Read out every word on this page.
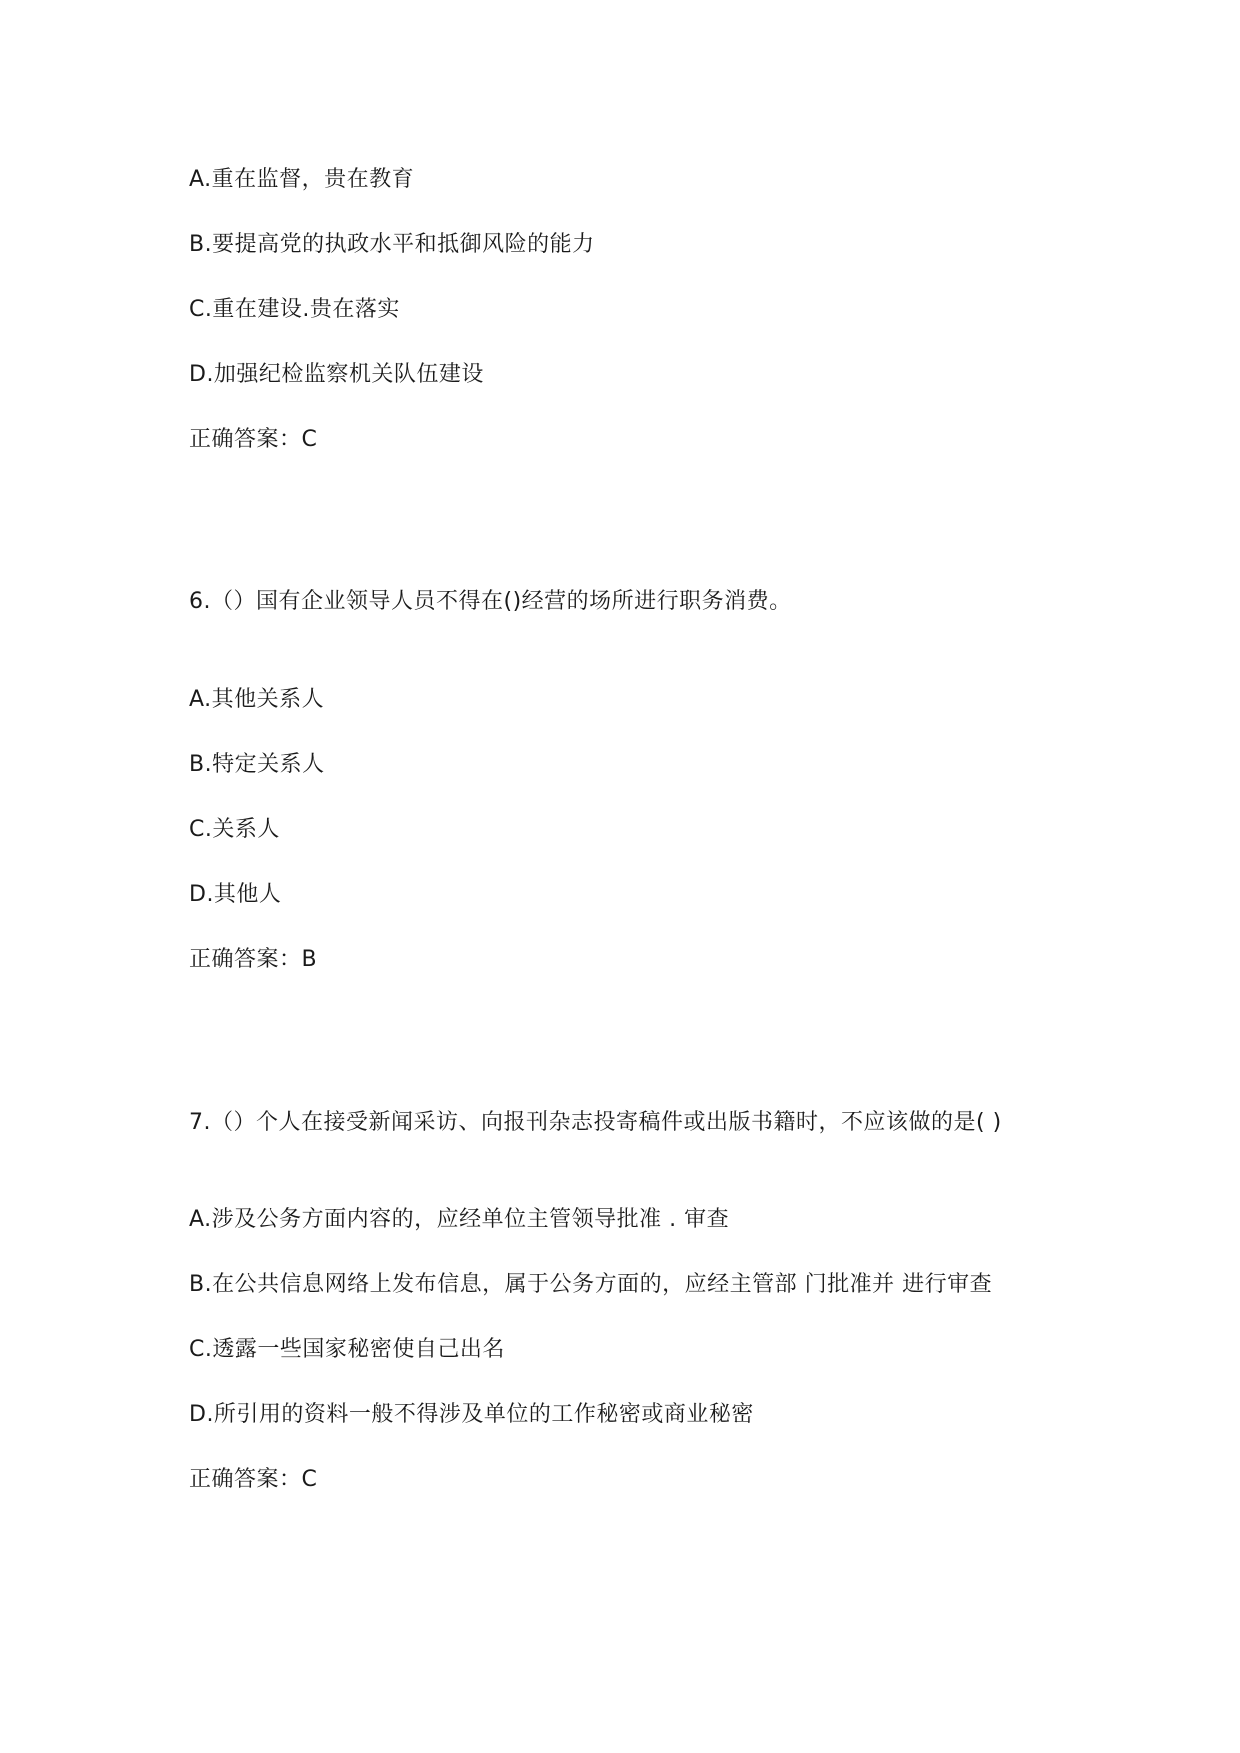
A.重在监督，贵在教育
B.要提高党的执政水平和抵御风险的能力
C.重在建设.贵在落实
D.加强纪检监察机关队伍建设
正确答案：C
6.（）国有企业领导人员不得在()经营的场所进行职务消费。
A.其他关系人
B.特定关系人
C.关系人
D.其他人
正确答案：B
7.（）个人在接受新闻采访、向报刊杂志投寄稿件或出版书籍时，不应该做的是( )
A.涉及公务方面内容的，应经单位主管领导批准 . 审查
B.在公共信息网络上发布信息，属于公务方面的，应经主管部 门批准并 进行审查
C.透露一些国家秘密使自己出名
D.所引用的资料一般不得涉及单位的工作秘密或商业秘密
正确答案：C
